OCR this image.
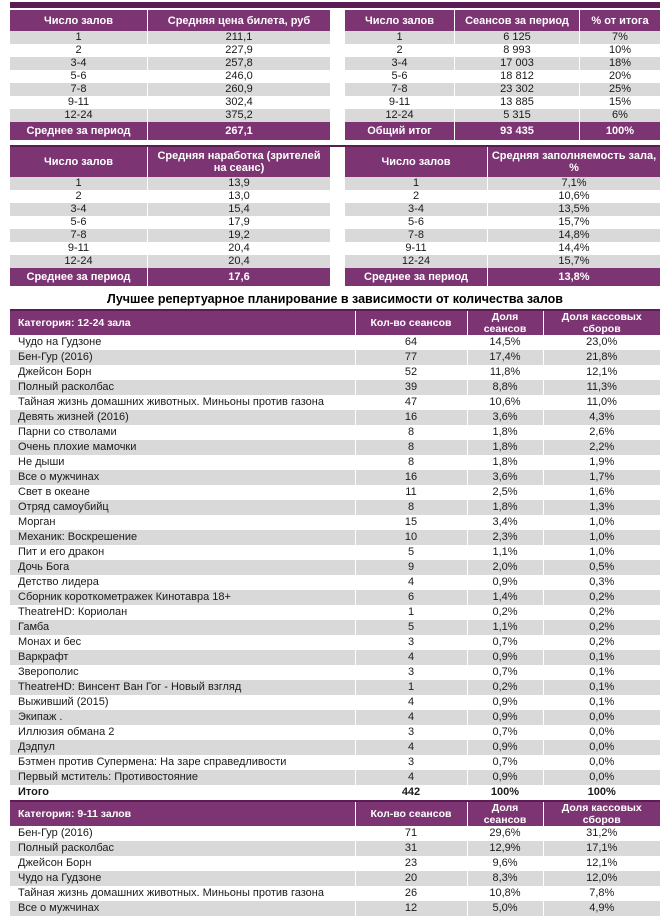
Число залов	Средняя цена билета, руб
1	211,1
2	227,9
3-4	257,8
5-6	246,0
7-8	260,9
9-11	302,4
12-24	375,2
Среднее за период	267,1
Число залов	Сеансов за период	% от итога
1	6 125	7%
2	8 993	10%
3-4	17 003	18%
5-6	18 812	20%
7-8	23 302	25%
9-11	13 885	15%
12-24	5 315	6%
Общий итог	93 435	100%
Число залов	Средняя наработка (зрителей на сеанс)
1	13,9
2	13,0
3-4	15,4
5-6	17,9
7-8	19,2
9-11	20,4
12-24	20,4
Среднее за период	17,6
Число залов	Средняя заполняемость зала, %
1	7,1%
2	10,6%
3-4	13,5%
5-6	15,7%
7-8	14,8%
9-11	14,4%
12-24	15,7%
Среднее за период	13,8%
Лучшее репертуарное планирование в зависимости от количества залов
Категория: 12-24 зала	Кол-во сеансов	Доля сеансов	Доля кассовых сборов
Чудо на Гудзоне	64	14,5%	23,0%
Бен-Гур (2016)	77	17,4%	21,8%
Джейсон Борн	52	11,8%	12,1%
Полный расколбас	39	8,8%	11,3%
Тайная жизнь домашних животных. Миньоны против газона	47	10,6%	11,0%
Девять жизней (2016)	16	3,6%	4,3%
Парни со стволами	8	1,8%	2,6%
Очень плохие мамочки	8	1,8%	2,2%
Не дыши	8	1,8%	1,9%
Все о мужчинах	16	3,6%	1,7%
Свет в океане	11	2,5%	1,6%
Отряд самоубийц	8	1,8%	1,3%
Морган	15	3,4%	1,0%
Механик: Воскрешение	10	2,3%	1,0%
Пит и его дракон	5	1,1%	1,0%
Дочь Бога	9	2,0%	0,5%
Детство лидера	4	0,9%	0,3%
Сборник короткометражек Кинотавра 18+	6	1,4%	0,2%
TheatreHD: Кориолан	1	0,2%	0,2%
Гамба	5	1,1%	0,2%
Монах и бес	3	0,7%	0,2%
Варкрафт	4	0,9%	0,1%
Зверополис	3	0,7%	0,1%
TheatreHD: Винсент Ван Гог - Новый взгляд	1	0,2%	0,1%
Выживший (2015)	4	0,9%	0,1%
Экипаж .	4	0,9%	0,0%
Иллюзия обмана 2	3	0,7%	0,0%
Дэдпул	4	0,9%	0,0%
Бэтмен против Супермена: На заре справедливости	3	0,7%	0,0%
Первый мститель: Противостояние	4	0,9%	0,0%
Итого	442	100%	100%
Категория: 9-11 залов	Кол-во сеансов	Доля сеансов	Доля кассовых сборов
Бен-Гур (2016)	71	29,6%	31,2%
Полный расколбас	31	12,9%	17,1%
Джейсон Борн	23	9,6%	12,1%
Чудо на Гудзоне	20	8,3%	12,0%
Тайная жизнь домашних животных. Миньоны против газона	26	10,8%	7,8%
Все о мужчинах	12	5,0%	4,9%
